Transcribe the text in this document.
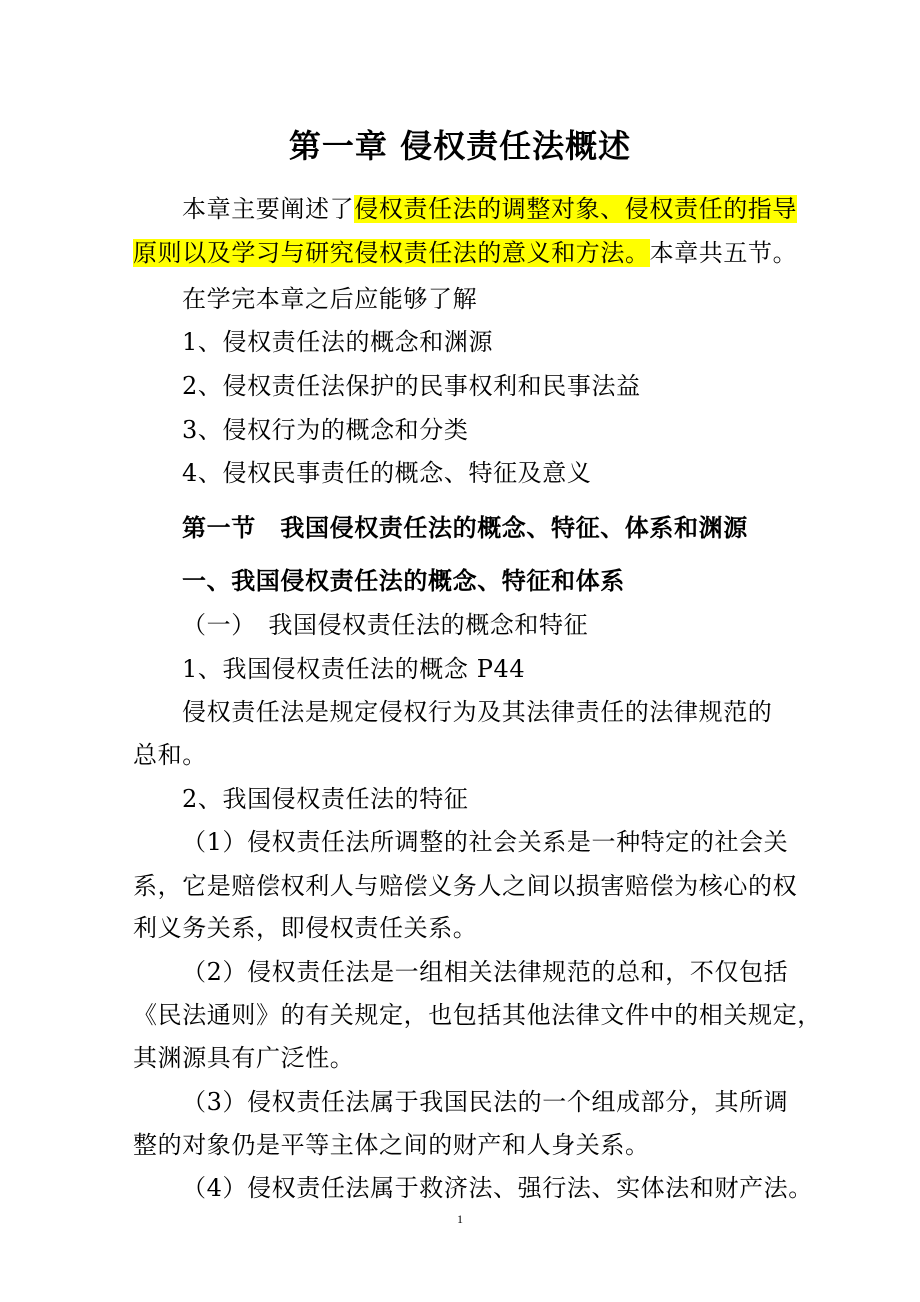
第一章 侵权责任法概述
本章主要阐述了侵权责任法的调整对象、侵权责任的指导
原则以及学习与研究侵权责任法的意义和方法。本章共五节。
在学完本章之后应能够了解
1、侵权责任法的概念和渊源
2、侵权责任法保护的民事权利和民事法益
3、侵权行为的概念和分类
4、侵权民事责任的概念、特征及意义
第一节　我国侵权责任法的概念、特征、体系和渊源
一、我国侵权责任法的概念、特征和体系
（一）　我国侵权责任法的概念和特征
1、我国侵权责任法的概念 P44
侵权责任法是规定侵权行为及其法律责任的法律规范的
总和。
2、我国侵权责任法的特征
（1）侵权责任法所调整的社会关系是一种特定的社会关
系，它是赔偿权利人与赔偿义务人之间以损害赔偿为核心的权
利义务关系，即侵权责任关系。
（2）侵权责任法是一组相关法律规范的总和，不仅包括
《民法通则》的有关规定，也包括其他法律文件中的相关规定，
其渊源具有广泛性。
（3）侵权责任法属于我国民法的一个组成部分，其所调
整的对象仍是平等主体之间的财产和人身关系。
（4）侵权责任法属于救济法、强行法、实体法和财产法。
1
